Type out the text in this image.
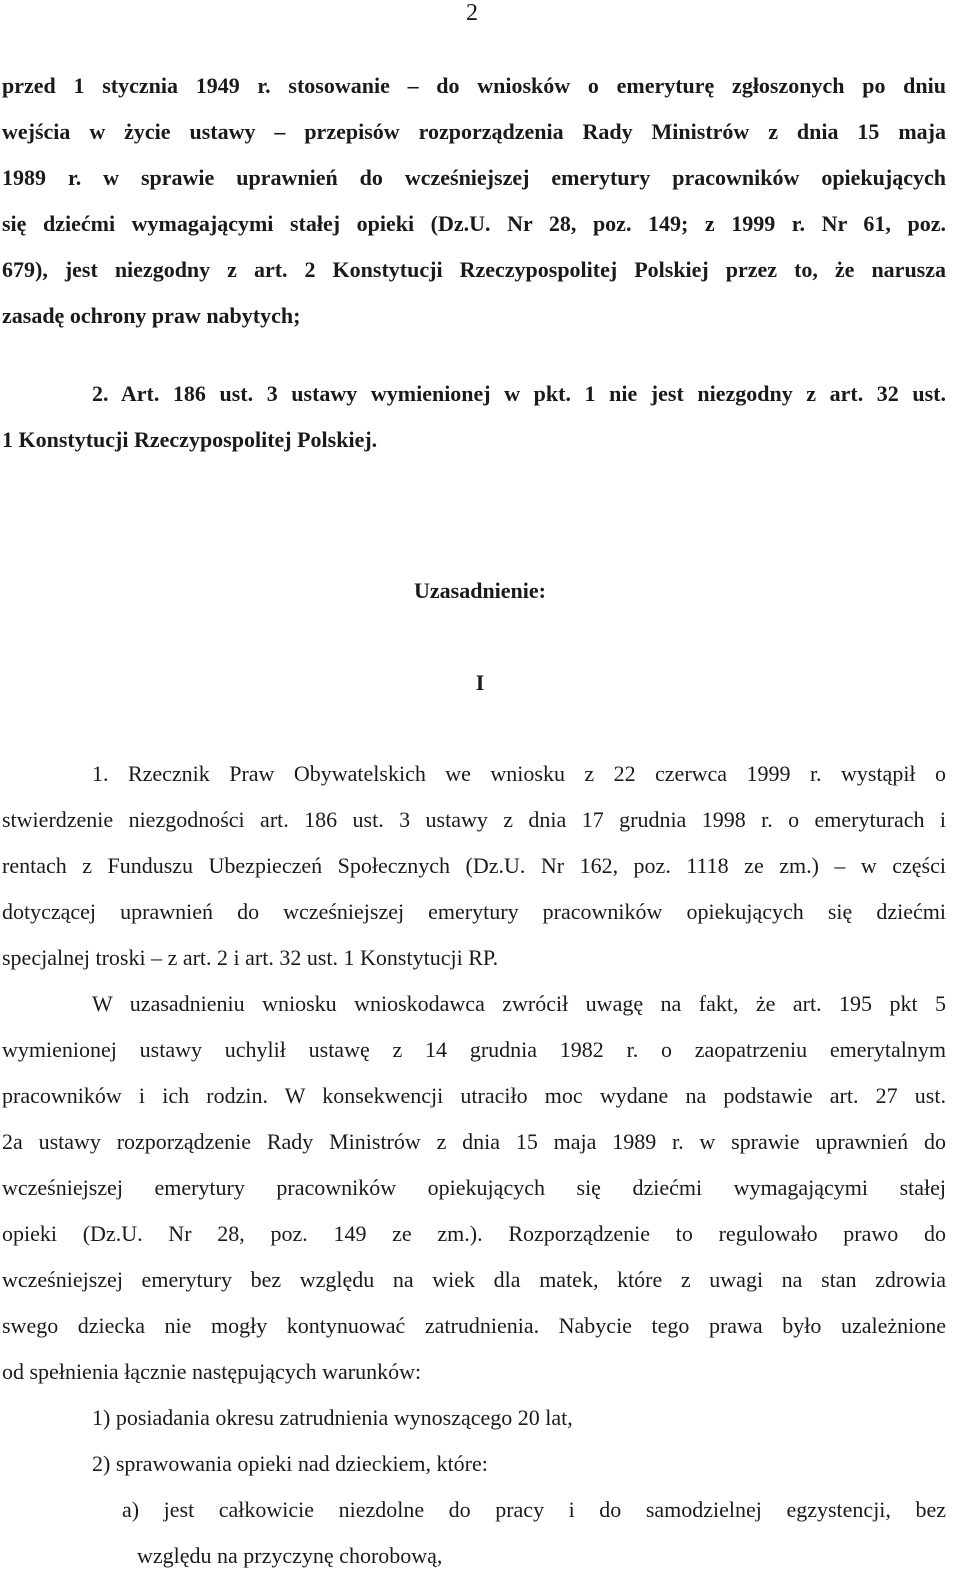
2
przed 1 stycznia 1949 r. stosowanie – do wniosków o emeryturę zgłoszonych po dniu
wejścia w życie ustawy – przepisów rozporządzenia Rady Ministrów z dnia 15 maja
1989 r. w sprawie uprawnień do wcześniejszej emerytury pracowników opiekujących
się dziećmi wymagającymi stałej opieki (Dz.U. Nr 28, poz. 149; z 1999 r. Nr 61, poz.
679), jest niezgodny z art. 2 Konstytucji Rzeczypospolitej Polskiej przez to, że narusza
zasadę ochrony praw nabytych;
2. Art. 186 ust. 3 ustawy wymienionej w pkt. 1 nie jest niezgodny z art. 32 ust.
1 Konstytucji Rzeczypospolitej Polskiej.
Uzasadnienie:
I
1. Rzecznik Praw Obywatelskich we wniosku z 22 czerwca 1999 r. wystąpił o
stwierdzenie niezgodności art. 186 ust. 3 ustawy z dnia 17 grudnia 1998 r. o emeryturach i
rentach z Funduszu Ubezpieczeń Społecznych (Dz.U. Nr 162, poz. 1118 ze zm.) – w części
dotyczącej uprawnień do wcześniejszej emerytury pracowników opiekujących się dziećmi
specjalnej troski – z art. 2 i art. 32 ust. 1 Konstytucji RP.
W uzasadnieniu wniosku wnioskodawca zwrócił uwagę na fakt, że art. 195 pkt 5
wymienionej ustawy uchylił ustawę z 14 grudnia 1982 r. o zaopatrzeniu emerytalnym
pracowników i ich rodzin. W konsekwencji utraciło moc wydane na podstawie art. 27 ust.
2a ustawy rozporządzenie Rady Ministrów z dnia 15 maja 1989 r. w sprawie uprawnień do
wcześniejszej emerytury pracowników opiekujących się dziećmi wymagającymi stałej
opieki (Dz.U. Nr 28, poz. 149 ze zm.). Rozporządzenie to regulowało prawo do
wcześniejszej emerytury bez względu na wiek dla matek, które z uwagi na stan zdrowia
swego dziecka nie mogły kontynuować zatrudnienia. Nabycie tego prawa było uzależnione
od spełnienia łącznie następujących warunków:
1) posiadania okresu zatrudnienia wynoszącego 20 lat,
2) sprawowania opieki nad dzieckiem, które:
a) jest całkowicie niezdolne do pracy i do samodzielnej egzystencji, bez
względu na przyczynę chorobową,
